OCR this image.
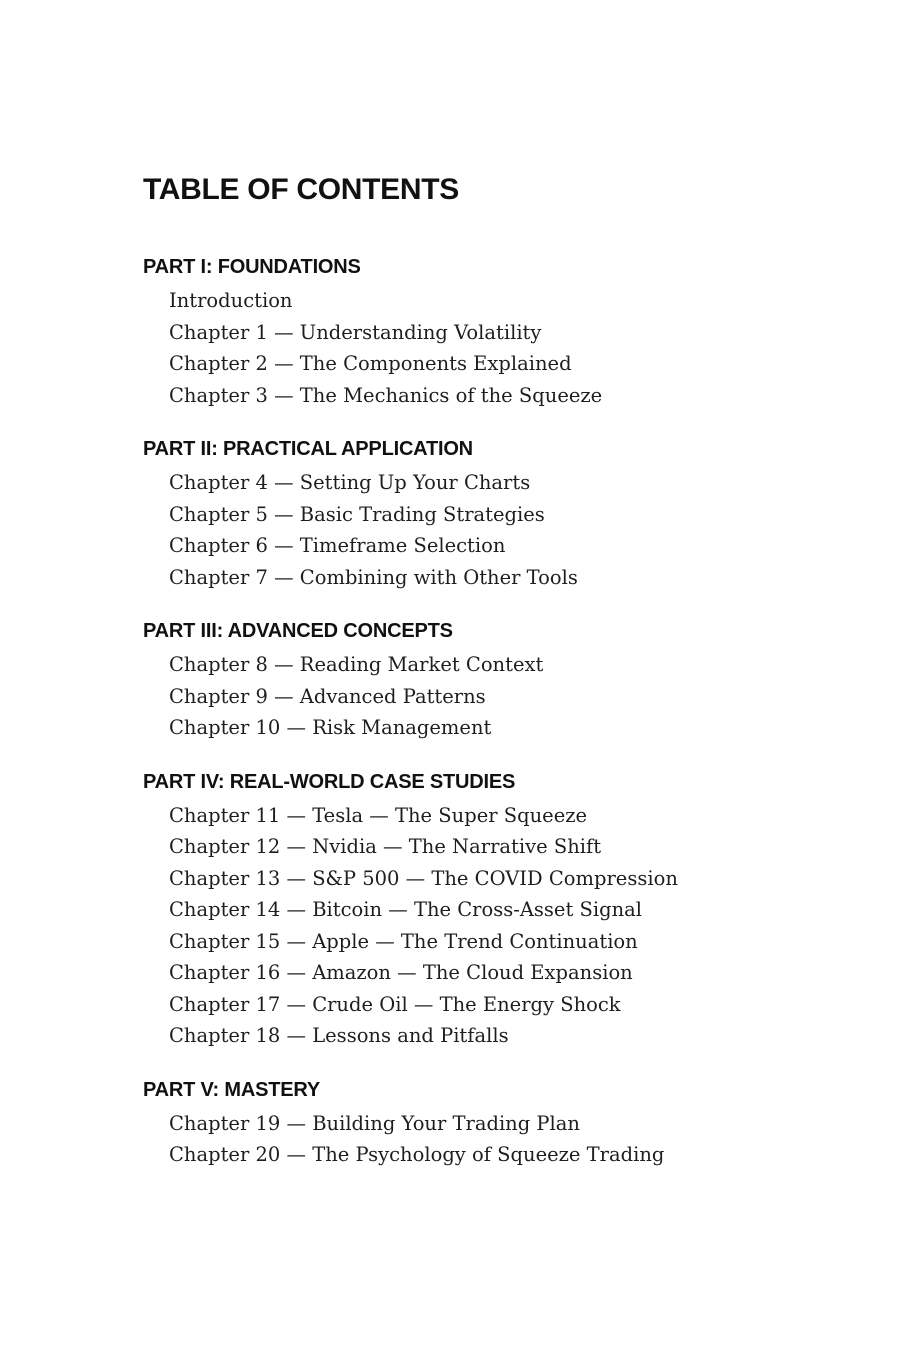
TABLE OF CONTENTS
PART I: FOUNDATIONS
Introduction
Chapter 1 — Understanding Volatility
Chapter 2 — The Components Explained
Chapter 3 — The Mechanics of the Squeeze
PART II: PRACTICAL APPLICATION
Chapter 4 — Setting Up Your Charts
Chapter 5 — Basic Trading Strategies
Chapter 6 — Timeframe Selection
Chapter 7 — Combining with Other Tools
PART III: ADVANCED CONCEPTS
Chapter 8 — Reading Market Context
Chapter 9 — Advanced Patterns
Chapter 10 — Risk Management
PART IV: REAL-WORLD CASE STUDIES
Chapter 11 — Tesla — The Super Squeeze
Chapter 12 — Nvidia — The Narrative Shift
Chapter 13 — S&P 500 — The COVID Compression
Chapter 14 — Bitcoin — The Cross-Asset Signal
Chapter 15 — Apple — The Trend Continuation
Chapter 16 — Amazon — The Cloud Expansion
Chapter 17 — Crude Oil — The Energy Shock
Chapter 18 — Lessons and Pitfalls
PART V: MASTERY
Chapter 19 — Building Your Trading Plan
Chapter 20 — The Psychology of Squeeze Trading
